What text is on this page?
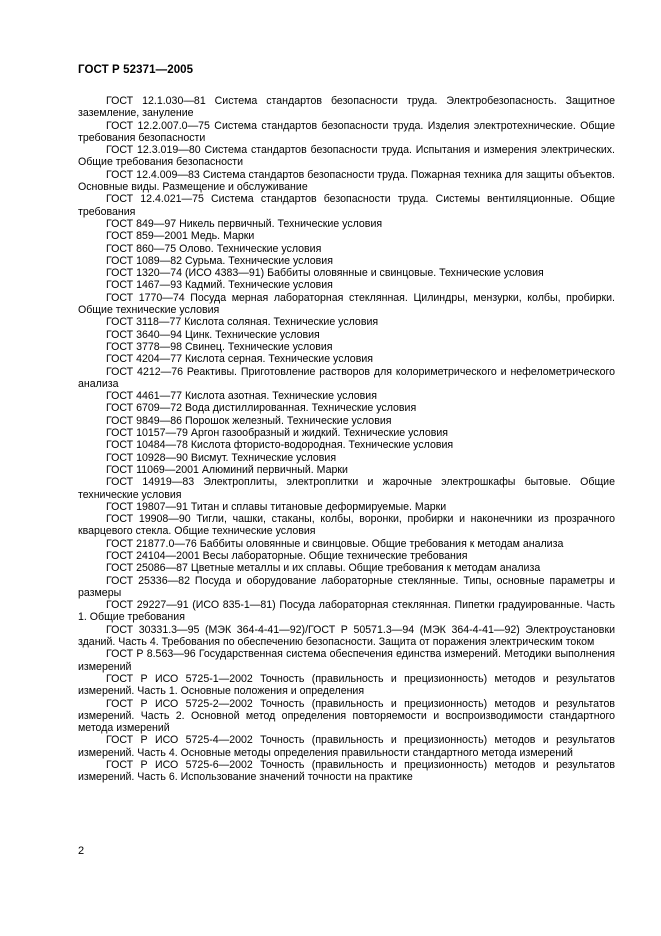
ГОСТ Р 52371—2005

ГОСТ 12.1.030—81 Система стандартов безопасности труда. Электробезопасность. Защитное заземление, зануление

ГОСТ 12.2.007.0—75 Система стандартов безопасности труда. Изделия электротехнические. Общие требования безопасности

ГОСТ 12.3.019—80 Система стандартов безопасности труда. Испытания и измерения электрических. Общие требования безопасности

ГОСТ 12.4.009—83 Система стандартов безопасности труда. Пожарная техника для защиты объектов. Основные виды. Размещение и обслуживание

ГОСТ 12.4.021—75 Система стандартов безопасности труда. Системы вентиляционные. Общие требования

ГОСТ 849—97 Никель первичный. Технические условия

ГОСТ 859—2001 Медь. Марки

ГОСТ 860—75 Олово. Технические условия

ГОСТ 1089—82 Сурьма. Технические условия

ГОСТ 1320—74 (ИСО 4383—91) Баббиты оловянные и свинцовые. Технические условия

ГОСТ 1467—93 Кадмий. Технические условия

ГОСТ 1770—74 Посуда мерная лабораторная стеклянная. Цилиндры, мензурки, колбы, пробирки. Общие технические условия

ГОСТ 3118—77 Кислота соляная. Технические условия

ГОСТ 3640—94 Цинк. Технические условия

ГОСТ 3778—98 Свинец. Технические условия

ГОСТ 4204—77 Кислота серная. Технические условия

ГОСТ 4212—76 Реактивы. Приготовление растворов для колориметрического и нефелометрического анализа

ГОСТ 4461—77 Кислота азотная. Технические условия

ГОСТ 6709—72 Вода дистиллированная. Технические условия

ГОСТ 9849—86 Порошок железный. Технические условия

ГОСТ 10157—79 Аргон газообразный и жидкий. Технические условия

ГОСТ 10484—78 Кислота фтористо-водородная. Технические условия

ГОСТ 10928—90 Висмут. Технические условия

ГОСТ 11069—2001 Алюминий первичный. Марки

ГОСТ 14919—83 Электроплиты, электроплитки и жарочные электрошкафы бытовые. Общие технические условия

ГОСТ 19807—91 Титан и сплавы титановые деформируемые. Марки

ГОСТ 19908—90 Тигли, чашки, стаканы, колбы, воронки, пробирки и наконечники из прозрачного кварцевого стекла. Общие технические условия

ГОСТ 21877.0—76 Баббиты оловянные и свинцовые. Общие требования к методам анализа

ГОСТ 24104—2001 Весы лабораторные. Общие технические требования

ГОСТ 25086—87 Цветные металлы и их сплавы. Общие требования к методам анализа

ГОСТ 25336—82 Посуда и оборудование лабораторные стеклянные. Типы, основные параметры и размеры

ГОСТ 29227—91 (ИСО 835-1—81) Посуда лабораторная стеклянная. Пипетки градуированные. Часть 1. Общие требования

ГОСТ 30331.3—95 (МЭК 364-4-41—92)/ГОСТ Р 50571.3—94 (МЭК 364-4-41—92) Электроустановки зданий. Часть 4. Требования по обеспечению безопасности. Защита от поражения электрическим током

ГОСТ Р 8.563—96 Государственная система обеспечения единства измерений. Методики выполнения измерений

ГОСТ Р ИСО 5725-1—2002 Точность (правильность и прецизионность) методов и результатов измерений. Часть 1. Основные положения и определения

ГОСТ Р ИСО 5725-2—2002 Точность (правильность и прецизионность) методов и результатов измерений. Часть 2. Основной метод определения повторяемости и воспроизводимости стандартного метода измерений

ГОСТ Р ИСО 5725-4—2002 Точность (правильность и прецизионность) методов и результатов измерений. Часть 4. Основные методы определения правильности стандартного метода измерений

ГОСТ Р ИСО 5725-6—2002 Точность (правильность и прецизионность) методов и результатов измерений. Часть 6. Использование значений точности на практике

2
